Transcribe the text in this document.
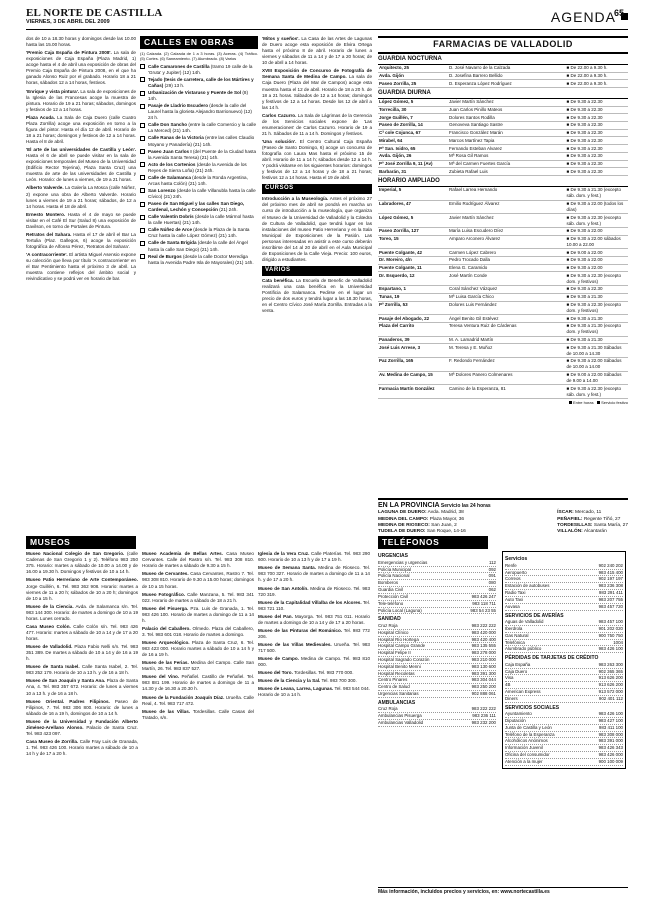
EL NORTE DE CASTILLA
VIERNES, 3 DE ABRIL DEL 2009	AGENDA
65
dos de 10 a 18.30 horas y domingos desde las 10.00 hasta las 15.00 horas.
'Premio Caja España de Pintura 2008'. La sala de exposiciones de Caja España (Plaza Madrid, 1) acoge hasta el 4 de abril una exposición de obras del Premio Caja España de Pintura 2008, en el que ha ganado Alonso Ruiz por el grabado. Horario 18 a 21 horas, sábados 12 a 14 horas, festivos.
'Enrique y vista pintura'. La sala de exposiciones de la Iglesia de las Francesas acoge la muestra de pintura. Horario de 19 a 21 horas; sábados, domingos y festivos de 12 a 14 horas.
Plaza Acuda. La Sala de Caja Duero (calle Cuatro Plaza Zorrilla) acoge una exposición en torno a la figura del pintor. Hasta el día 12 de abril. Horario de 18 a 21 horas; domingos y festivos de 12 a 14 horas. Hasta el 8 de abril.
'El arte de las universidades de Castilla y León'. Hasta el 6 de abril se puede visitar en la sala de exposiciones temporales del Museo de la Universidad (Edificio Rector Tejerina), Plaza Santa Cruz) una muestra de arte de las universidades de Castilla y León. Horario: de lunes a viernes, de 19 a 21 horas.
Alberto Valverde. La Galería La Mosca (calle Núñez, 2) expone una obra de Alberto Valverde. Horario lunes a viernes de 19 a 21 horas; sábados, de 12 a 14 horas. Hasta el 18 de abril.
Ernesto Montero. Hasta el 4 de mayo se puede visitar en el Café El Sur (Salud 8) una exposición de Davilson, en torno de Portales de Pintura.
Retratos del Sahara. Hasta el 17 de abril el Bar La Tertulia (Plaz. Gallegos, 6) acoge la exposición fotográfica de Alfonso Pérez, 'Retratos del Sahara'.
'A contracorriente'. El artista Miguel Asensio expone su colección que lleva por título 'A contracorriente' en el Bar Pentimiento hasta el próximo 3 de abril. La muestra contiene reflejos del ámbito social y reivindicativo y se podrá ver en horario de bar.
CALLES EN OBRAS
(1) Calzada. (2) Calzada de 1 a 3 horas. (3) Aceras. (4) Tráfico. (5) Cortes. (6) Saneamiento. (7) Alumbrado. (8) Varios
Calle Camarones de Castilla (tramo 19 calle de la 'Gruta' y Jupiter) (12) 14h.
Tejado (tesis de carretera, calle de los Mártires y Cañas) (29) 13 h.
Urbanización de Vistaruso y Puente de Sol (8) 14h.
Pasaje de Lladrio Escudero (desde la calle del Laurel hasta la glorieta Alejandro Barrionuevo) (12) 24 h.
Calle Don Sancho (entre la calle Comercio y la calle La Merced) (21) 14h.
Calle Ranas de la Victoria (entre las calles Claudio Moyano y Panadería) (21) 14h.
Paseo Juan Carlos I (del Puente de la Ciudad hasta la Avenida Santa Teresa) (21) 14h.
Acto de los Cortenios (desde la Avenida de los Reyes de Sierra Loña) (21) 24h.
Calle de Salamanca (desde la Ronda Argentina, Arcas hasta Colón) (21) 14h.
San Lorenzo (desde la calle Villanubla hasta la calle Cívico) (21) 24h.
Paseo de San Miguel y las calles San Diego, Cardenal, Lechón y Concepción (21) 24h.
Calle Valentín Dobrís (desde la calle Mármol hasta la calle Huertas) (21) 14h.
Calle Núñez de Arce (desde la Plaza de la Santa Cruz hasta la calle López Gómez) (21) 14h.
Calle de Santa Brígida (desde la calle del Ángel hasta la calle San Diego) (21) 14h.
Real de Burgos (desde la calle Doctor Merediga hasta la Avenida Padre Isla de Mayorales) (21) 14h.
'Mitos y sueños'. La Casa de las Artes de Lagunas de Duero acoge esta exposición de Elvira Ortega hasta el próximo 8 de abril. Horario de lunes a viernes y sábados de 11 a 14 y de 17 a 20 horas; de 10 de abril a 14 horas.
XVIII Exposición de Concurso de Fotografía de Semana Santa de Medina de Campo. La sala de Caja Duero (Plaza del Mar de Campos) acoge esta muestra hasta el 12 de abril. Horario de 18 a 20 h. de 18 a 21 horas. Sábados de 12 a 14 horas; domingos y festivos de 12 a 14 horas. Desde los 12 de abril a las 14 h.
Carlos Cazurro. La Sala de Lágrimas de la Gerencia de los Servicios sociales expone de 'Las enumeraciones' de Carlos Cazurro. Horario de 19 a 21 h. Sábados de 11 a 14 h. Domingos y festivos.
'Una solución'. El Centro Cultural Caja España (Paseo de Santo Domingo, 6) acoge un concurso de fotografía con Laura Mas hasta el próximo 15 de abril. Horario de 11 a 14 h; sábados desde 12 a 14 h. Y podrá visitarse en los siguientes horarios: domingos y festivos de 12 a 14 horas y de 18 a 21 horas; festivos 12 a 14 horas. Hasta el 19 de abril.
CURSOS
Introducción a la Museología. Antes el próximo 27 del próximo mes de abril se pondrá en marcha un curso de introducción a la museología, que organiza el Museo de la Universidad de Valladolid y la Cátedra de Cultura de Valladolid, que tendrá lugar en las instalaciones del museo Patio Herreriano y en la Sala Municipal de Exposiciones de la Pasión. Las personas interesadas en asistir a este curso deberán inscribirse del 14 al 20 de abril en el Aula Municipal de Exposiciones de la Calle Vieja. Precio: 100 euros, dirigido a estudiantes.
VARIOS
Cata benéfica. La Escuela de Benefic de Valladolid realizará una cata benéfica en la Universidad Pontificia de Salamanca. Pedirse en el lugar un precio de dos euros y tendrá lugar a las 18.30 horas, en el Centro Cívico José María Zorrilla. Entradas a la venta.
FARMACIAS DE VALLADOLID
GUARDIA NOCTURNA
Arquitecto, 25	D. José Navarro de la Calzada	■ De 22.00 a 9.30 h.
Avda. Gijón	D. Josefina Barrero Bellido	■ De 22.00 a 9.30 h.
Paseo Zorrilla, 25	D. Esperanza López Rodríguez	■ De 22.00 a 9.30 h.
GUARDIA DIURNA
López Gómez, 5	Javier Martín Sánchez	■ De 9.30 a 22.30
Torrecilla, 30	Juan Carlos Pinillo Mateos	■ De 9.30 a 22.30
Jorge Guillén, 7	Dolores Santos Rodilla	■ De 9.30 a 22.30
Paseo de Zorrilla, 14	Genoveva Santiago Sastre	■ De 9.30 a 22.30
Cª cole Cojunca, 67	Francisco González Marán	■ De 9.30 a 22.30
Mirabel, 64	Marcos Martínez Tapia	■ De 9.30 a 22.30
Pº San. Isidro, 65	Fernando Esteban Alvarez	■ De 9.30 a 22.30
Avda. Gijón, 26	Mª Rosa Gil Ramos	■ De 9.30 a 22.30
Pº José Zorrilla 9, 11 (Av)	Mª del Carmen Fuertes García	■ De 9.30 a 22.30
Barbarán, 31	Zubieta Rafael Luis	■ De 9.30 a 22.30
HORARIO AMPLIADO
Imperial, 5	Rafael Larrea Hernando	■ De 9.30 a 21.30 (excepto sáb. dom. y fest.)
Labradores, 47	Emilio Rodríguez Álvarez	■ De 9.30 a 22.00 (todos los días)
López Gómez, 5	Javier Martín Sánchez	■ De 9.30 a 22.30 (excepto sáb. dom. y fest.)
Paseo Zorrilla, 127	María Luisa Escudero Díez	■ De 9.30 a 22.00
Toreo, 15	Amparo Arconero Álvarez	■ De 9.30 a 22.00 sábados 10.00 a 22.00
Puente Colgante, 42	Carmen López Cabrero	■ De 9.00 a 22.00
Dr. Moreiro, 4/n	Pedro Trocado Dalla	■ De 9.30 a 22.00
Puente Colgante, 11	Elena G. Caramido	■ De 9.30 a 22.00
Dr. Esquerdo, 12	José Martín Conde	■ De 9.30 a 22.30 (excepto dom. y festivos)
Espartano, 1	Coral Sánchez Vázquez	■ De 9.30 a 22.30
Tunas, 19	Mª Luisa García Chico	■ De 9.30 a 21.30
Pº Zorrilla, 53	Dolores Luis Fernández	■ De 9.30 a 22.30 (excepto dom. y festivos)
Pasaje del Abogado, 22	Ángel Benito Gil Estévez	■ De 9.30 a 21.30
Plaza del Carrito	Teresa Ventura Ruiz de Cárdenas	■ De 9.30 a 21.30 (excepto dom. y festivos)
Panaderos, 39	M. A. Lamadrid Martín	■ De 9.30 a 21.30
José Luis Arrese, 3	M. Teresa y E. Muñoz	■ De 9.30 a 21.30 Sábados de 10.00 a 14.30
Paz Zorrilla, 165	F. Redondo Fernández	■ De 9.30 a 22.00 Sábados de 10.00 a 14.00
Av. Medina de Campo, 15	Mª Dolores Panero Colmenares	■ De 9.00 a 22.00 Sábados de 9.00 a 14.00
Farmacia Martín González	Camino de la Esperanza, 81	■ De 9.30 a 22.30 (excepto sáb. dom. y fest.)
Entre horas Servicio festivo
EN LA PROVINCIA Servicio las 24 horas
LAGUNA DE DUERO: Avda. Madrid, 38
MEDINA DEL CAMPO: Plaza Mayor, 36
MEDINA DE RIOSECO: San Juan, 2
TUDELA DE DUERO: San Roque, 14-16
ÍSCAR: Mercado, 11
PEÑAFIEL: Regente Tiñó, 27
TORDESILLAS: Santa María, 27
VILLALÓN: Alcantarán
MUSEOS
Museo Nacional Colegio de San Gregorio. (calle Cadenas de San Gregorio 1 y 2). Teléfono 983 250 375. Horario: martes a sábado de 10.00 a 14.00 y de 16.00 a 19.30 h. Domingos y festivos de 10 a 14 h.
Museo Patio Herreriano de Arte Contemporáneo. Jorge Guillén, 6. Tel. 983 362 908. Horario: martes a viernes de 11 a 20 h; sábados de 10 a 20 h; domingos de 10 a 15 h.
Museo de la Ciencia. Avda. de Salamanca s/n. Tel. 983 144 300. Horario: de martes a domingo de 10 a 19 horas. Lunes cerrado.
Casa Museo Colón. Calle Colón s/n. Tel. 983 426 477. Horario: martes a sábado de 10 a 14 y de 17 a 20 horas.
Museo de Valladolid. Plaza Fabio Nelli s/n. Tel. 983 351 389. De martes a sábado de 10 a 14 y de 16 a 19 h.
Museo de Santa Isabel. Calle Santa Isabel, 2. Tel. 983 252 179. Horario de 10 a 13 h. y de 16 a 18 h.
Museo de San Joaquín y Santa Ana. Plaza de Santa Ana, 4. Tel. 983 357 672. Horario: de lunes a viernes 10 a 13 h. y de 16 a 18 h.
Museo Oriental. Padres Filipinos. Paseo de Filipinos, 7. Tel. 983 306 800. Horario: de lunes a sábado de 16 a 19 h, domingos de 10 a 14 h.
Museo de la Universidad y Fundación Alberto Jiménez-Arellano Alonso. Palacio de Santa Cruz. Tel. 983 423 097.
Casa Museo de Zorrilla. Calle Fray Luis de Granada, 1. Tel. 983 426 100. Horario martes a sábado de 10 a 14 h y de 17 a 20 h.
Museo Academia de Bellas Artes. Casa Museo Cervantes. Calle del Rastro s/n. Tel. 983 308 810. Horario de martes a sábado de 9.30 a 15 h.
Museo de Cervantes. Casa Cervantes, Rastro 7. Tel. 983 308 810. Horario de 9.30 a 15.00 horas; domingos de 10 a 15 horas.
Museo Fotográfico. Calle Manzana, 5. Tel. 983 341 022. Horario de martes a sábado de 18 a 21 h.
Museo del Pisuerga. Pza. Luis de Granada, 1. Tel. 983 426 100. Horario de martes a domingo de 11 a 14 h.
Palacio del Caballero. Olmedo. Plaza del Caballero, 3. Tel. 983 601 018. Horario de martes a domingo.
Museo Arqueológico. Plaza de Santa Cruz, 6. Tel. 983 423 000. Horario martes a sábado de 10 a 14 h y de 16 a 19 h.
Museo de las Ferias. Medina del Campo. Calle San Martín, 26. Tel. 983 837 527.
Museo del Vino. Peñafiel. Castillo de Peñafiel. Tel. 983 881 199. Horario de martes a domingo de 11 a 14.30 y de 16.30 a 20.30 h.
Museo de la Fundación Joaquín Díaz. Urueña. Calle Real, 4. Tel. 983 717 472.
Museo de las Villas. Tordesillas. Calle Casas del Tratado, s/n.
Iglesia de la Vera Cruz. Calle Platerías. Tel. 983 290 600. Horario de 10 a 13 h y de 17 a 19 h.
Museo de Semana Santa. Medina de Rioseco. Tel. 983 700 327. Horario de martes a domingo de 11 a 14 h. y de 17 a 20 h.
Museo de San Antolín. Medina de Rioseco. Tel. 983 720 319.
Museo de la Capitalidad Villalba de los Alcores. Tel. 983 721 110.
Museo del Pan. Mayorga. Tel. 983 751 011. Horario de martes a domingo de 10 a 14 y de 17 a 20 horas.
Museo de las Pinturas del Románico. Tel. 983 772 206.
Museo de las Villas Medievales. Urueña. Tel. 983 717 500.
Museo de Campo. Medina de Campo. Tel. 983 810 000.
Museo del Toro. Tordesillas. Tel. 983 770 000.
Museo de la Ciencia y la Sal. Tel. 983 700 300.
Museo de Leana, Larrea, Lagunas. Tel. 983 544 044. Horario de 10 a 14 h.
TELÉFONOS
URGENCIAS
Emergencias y urgencias	112
Policía Municipal	092
Policía Nacional	091
Bomberos	080
Guardia Civil	062
Protección Civil	983 426 247
Tele-teléfono	983 118 711
Policía Local (Laguna)	983 54 23 55
SANIDAD
Cruz Roja	983 222 222
Hospital Clínico	983 420 000
Hospital Río Hortega	983 420 400
Hospital Campo Grande	983 135 555
Hospital Felipe II	983 278 000
Hospital Sagrado Corazón	983 210 000
Hospital Benito Menni	983 130 600
Hospital Recoletas	983 391 300
Centro Pinares	983 304 044
Centro de Salud	983 250 200
Urgencias Sanitarias	902 888 061
AMBULANCIAS
Cruz Roja	983 222 222
Ambulancias Pisuerga	983 236 111
Ambulancias Valladolid	983 232 200
Servicios
Renfe	902 240 202
Aeropuerto	983 415 400
Correos	902 197 197
Estación de autobuses	983 236 308
Radio Taxi	983 291 411
Auto Taxi	983 207 755
Auvasa	983 457 720
SERVICIOS DE AVERÍAS
Aguas de Valladolid	983 457 100
Iberdrola	901 202 020
Gas Natural	900 750 750
Telefónica	1004
Alumbrado público	983 426 100
PÉRDIDAS DE TARJETAS DE CRÉDITO
Caja España	983 263 300
Caja Duero	902 365 365
Visa	913 626 200
4B	913 626 200
American Express	913 572 000
Diners	902 401 112
SERVICIOS SOCIALES
Ayuntamiento	983 426 100
Diputación	983 427 100
Junta de Castilla y León	983 411 100
Teléfono de la Esperanza	983 308 000
Alcohólicos Anónimos	983 391 000
Información Juvenil	983 426 343
Oficina del consumidor	983 426 000
Atención a la mujer	900 100 009
Más información, incluidos precios y servicios, en: www.nortecastilla.es
